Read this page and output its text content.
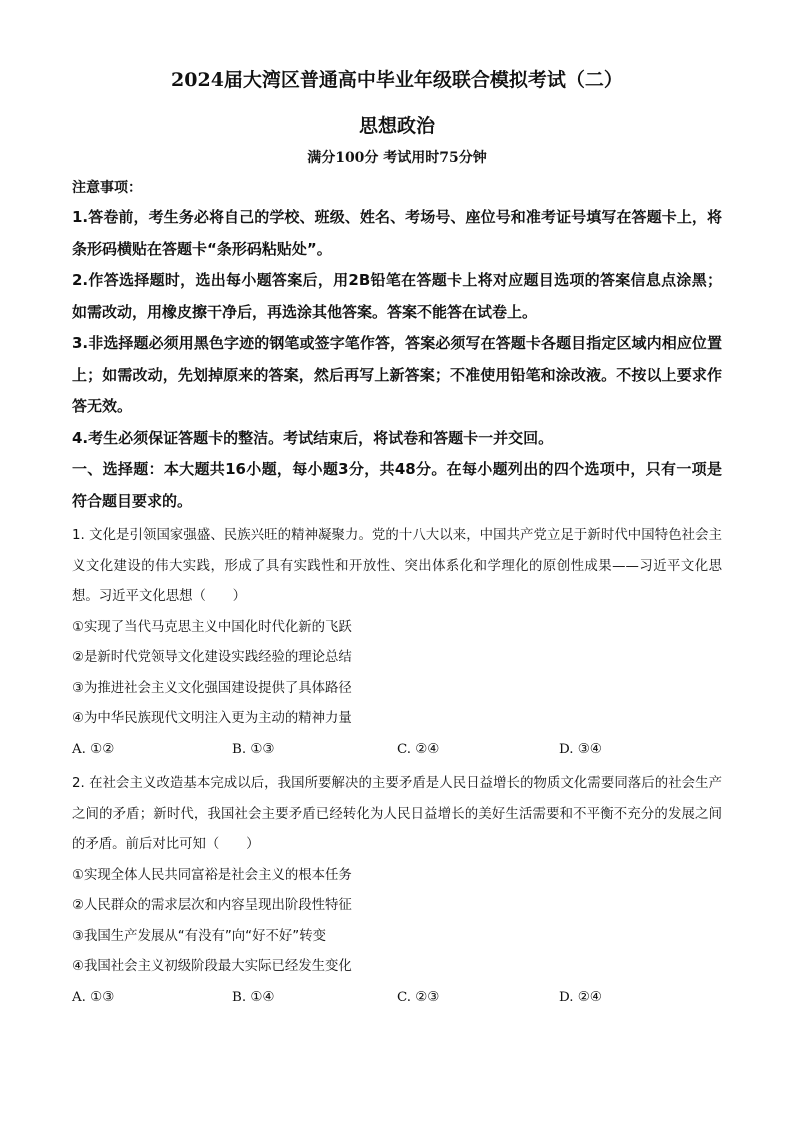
2024届大湾区普通高中毕业年级联合模拟考试（二）
思想政治
满分100分 考试用时75分钟
注意事项：

1.答卷前，考生务必将自己的学校、班级、姓名、考场号、座位号和准考证号填写在答题卡上，将条形码横贴在答题卡“条形码粘贴处”。

2.作答选择题时，选出每小题答案后，用2B铅笔在答题卡上将对应题目选项的答案信息点涂黑；如需改动，用橡皮擦干净后，再选涂其他答案。答案不能答在试卷上。

3.非选择题必须用黑色字迹的钢笔或签字笔作答，答案必须写在答题卡各题目指定区域内相应位置上；如需改动，先划掉原来的答案，然后再写上新答案；不准使用铅笔和涂改液。不按以上要求作答无效。

4.考生必须保证答题卡的整洁。考试结束后，将试卷和答题卡一并交回。

一、选择题：本大题共16小题，每小题3分，共48分。在每小题列出的四个选项中，只有一项是符合题目要求的。

1. 文化是引领国家强盛、民族兴旺的精神凝聚力。党的十八大以来，中国共产党立足于新时代中国特色社会主义文化建设的伟大实践，形成了具有实践性和开放性、突出体系化和学理化的原创性成果——习近平文化思想。习近平文化思想（　　）

①实现了当代马克思主义中国化时代化新的飞跃

②是新时代党领导文化建设实践经验的理论总结

③为推进社会主义文化强国建设提供了具体路径

④为中华民族现代文明注入更为主动的精神力量

A. ①②	B. ①③	C. ②④	D. ③④

2. 在社会主义改造基本完成以后，我国所要解决的主要矛盾是人民日益增长的物质文化需要同落后的社会生产之间的矛盾；新时代，我国社会主要矛盾已经转化为人民日益增长的美好生活需要和不平衡不充分的发展之间的矛盾。前后对比可知（　　）

①实现全体人民共同富裕是社会主义的根本任务

②人民群众的需求层次和内容呈现出阶段性特征

③我国生产发展从“有没有”向“好不好”转变

④我国社会主义初级阶段最大实际已经发生变化

A. ①③	B. ①④	C. ②③	D. ②④
